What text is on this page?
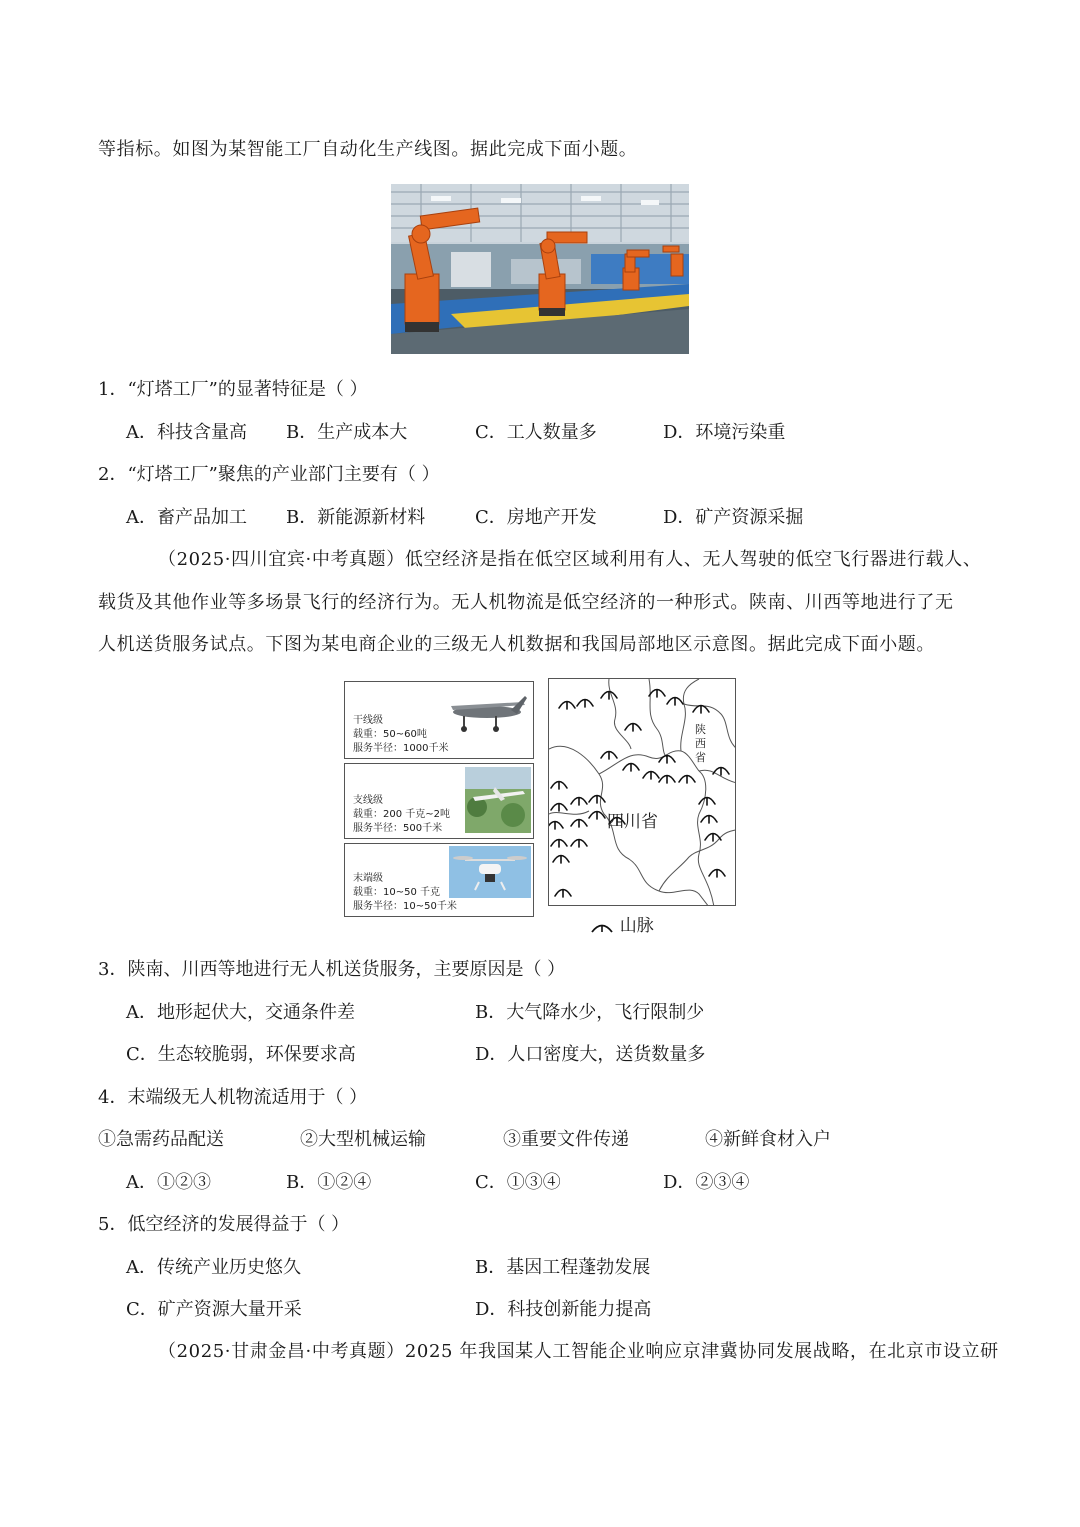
等指标。如图为某智能工厂自动化生产线图。据此完成下面小题。
1．“灯塔工厂”的显著特征是（ ）
A．科技含量高 B．生产成本大	C．工人数量多	D．环境污染重
2．“灯塔工厂”聚焦的产业部门主要有（ ）
A．畜产品加工 B．新能源新材料	C．房地产开发	D．矿产资源采掘
（2025·四川宜宾·中考真题）低空经济是指在低空区域利用有人、无人驾驶的低空飞行器进行载人、
载货及其他作业等多场景飞行的经济行为。无人机物流是低空经济的一种形式。陕南、川西等地进行了无
人机送货服务试点。下图为某电商企业的三级无人机数据和我国局部地区示意图。据此完成下面小题。
干线级
载重：50~60吨
服务半径：1000千米
支线级
载重：200 千克~2吨
服务半径：500千米
末端级
载重：10~50 千克
服务半径：10~50千米
四川省
陕
西
省
山脉
3．陕南、川西等地进行无人机送货服务，主要原因是（ ）
A．地形起伏大，交通条件差	B．大气降水少，飞行限制少
C．生态较脆弱，环保要求高	D．人口密度大，送货数量多
4．末端级无人机物流适用于（ ）
①急需药品配送	②大型机械运输	③重要文件传递	④新鲜食材入户
A．①②③	B．①②④	C．①③④	D．②③④
5．低空经济的发展得益于（ ）
A．传统产业历史悠久	B．基因工程蓬勃发展
C．矿产资源大量开采	D．科技创新能力提高
（2025·甘肃金昌·中考真题）2025 年我国某人工智能企业响应京津冀协同发展战略，在北京市设立研
